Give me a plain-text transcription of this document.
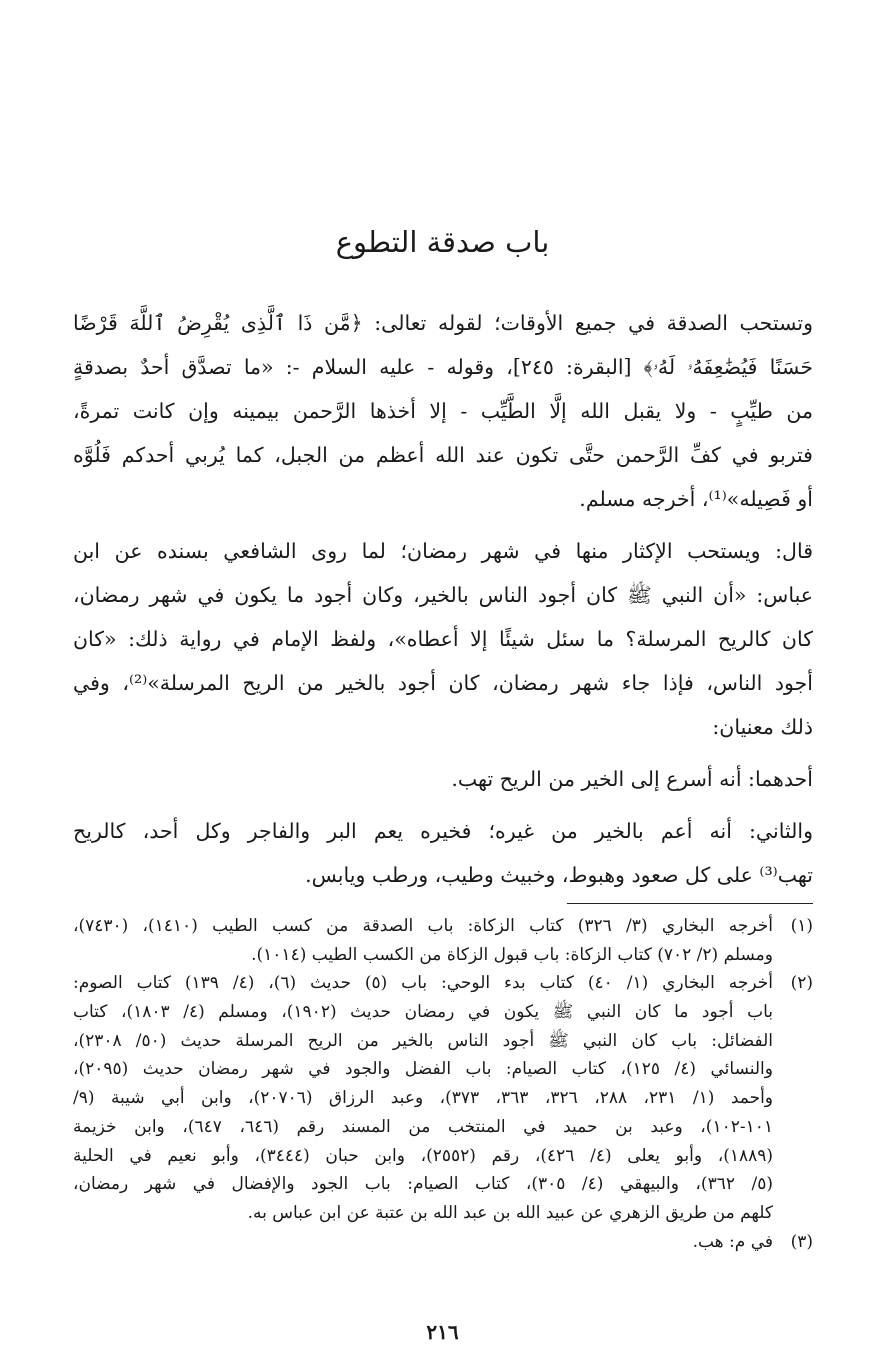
باب صدقة التطوع
وتستحب الصدقة في جميع الأوقات؛ لقوله تعالى: ﴿مَّن ذَا ٱلَّذِى يُقْرِضُ ٱللَّهَ قَرْضًا
حَسَنًا فَيُضَٰعِفَهُۥ لَهُۥ﴾ [البقرة: ٢٤٥]، وقوله - عليه السلام -: «ما تصدَّق أحدٌ بصدقةٍ
من طيِّبٍ - ولا يقبل الله إلَّا الطَّيِّب - إلا أخذها الرَّحمن بيمينه وإن كانت تمرةً،
فتربو في كفِّ الرَّحمن حتَّى تكون عند الله أعظم من الجبل، كما يُربي أحدكم فَلُوَّه
أو فَصِيله»⁽¹⁾، أخرجه مسلم.
قال: ويستحب الإكثار منها في شهر رمضان؛ لما روى الشافعي بسنده عن ابن
عباس: «أن النبي ﷺ كان أجود الناس بالخير، وكان أجود ما يكون في شهر رمضان،
كان كالريح المرسلة؟ ما سئل شيئًا إلا أعطاه»، ولفظ الإمام في رواية ذلك: «كان
أجود الناس، فإذا جاء شهر رمضان، كان أجود بالخير من الريح المرسلة»⁽²⁾، وفي
ذلك معنيان:
أحدهما: أنه أسرع إلى الخير من الريح تهب.
والثاني: أنه أعم بالخير من غيره؛ فخيره يعم البر والفاجر وكل أحد، كالريح
تهب⁽³⁾ على كل صعود وهبوط، وخبيث وطيب، ورطب ويابس.
(١)
أخرجه البخاري (٣/ ٣٢٦) كتاب الزكاة: باب الصدقة من كسب الطيب (١٤١٠)، (٧٤٣٠)،
ومسلم (٢/ ٧٠٢) كتاب الزكاة: باب قبول الزكاة من الكسب الطيب (١٠١٤).
(٢)
أخرجه البخاري (١/ ٤٠) كتاب بدء الوحي: باب (٥) حديث (٦)، (٤/ ١٣٩) كتاب الصوم:
باب أجود ما كان النبي ﷺ يكون في رمضان حديث (١٩٠٢)، ومسلم (٤/ ١٨٠٣)، كتاب
الفضائل: باب كان النبي ﷺ أجود الناس بالخير من الريح المرسلة حديث (٥٠/ ٢٣٠٨)،
والنسائي (٤/ ١٢٥)، كتاب الصيام: باب الفضل والجود في شهر رمضان حديث (٢٠٩٥)،
وأحمد (١/ ٢٣١، ٢٨٨، ٣٢٦، ٣٦٣، ٣٧٣)، وعبد الرزاق (٢٠٧٠٦)، وابن أبي شيبة (٩/
١٠١-١٠٢)، وعبد بن حميد في المنتخب من المسند رقم (٦٤٦، ٦٤٧)، وابن خزيمة
(١٨٨٩)، وأبو يعلى (٤/ ٤٢٦)، رقم (٢٥٥٢)، وابن حبان (٣٤٤٤)، وأبو نعيم في الحلية
(٥/ ٣٦٢)، والبيهقي (٤/ ٣٠٥)، كتاب الصيام: باب الجود والإفضال في شهر رمضان،
كلهم من طريق الزهري عن عبيد الله بن عبد الله بن عتبة عن ابن عباس به.
(٣)
في م: هب.
٢١٦
